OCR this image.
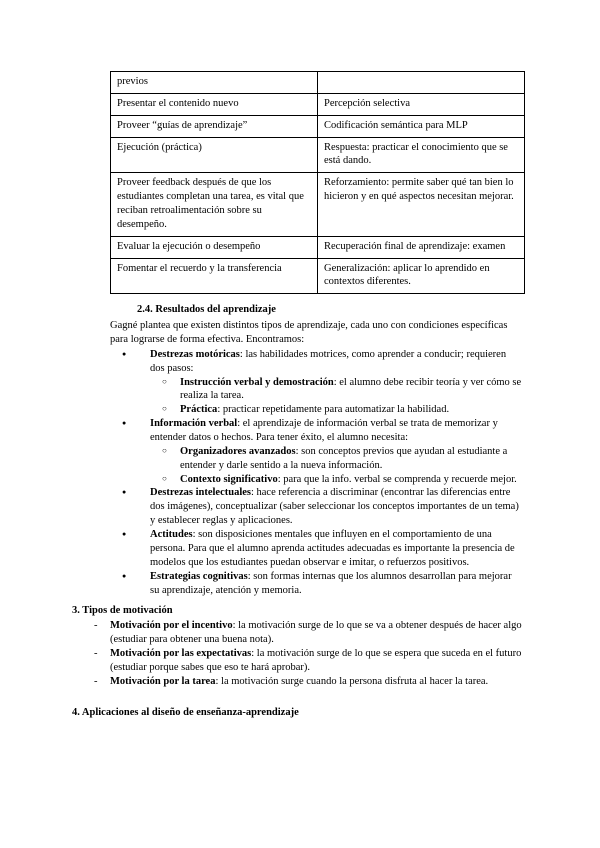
previos	
Presentar el contenido nuevo	Percepción selectiva
Proveer “guías de aprendizaje”	Codificación semántica para MLP
Ejecución (práctica)	Respuesta: practicar el conocimiento que se está dando.
Proveer feedback después de que los estudiantes completan una tarea, es vital que reciban retroalimentación sobre su desempeño.	Reforzamiento: permite saber qué tan bien lo hicieron y en qué aspectos necesitan mejorar.
Evaluar la ejecución o desempeño	Recuperación final de aprendizaje: examen
Fomentar el recuerdo y la transferencia	Generalización: aplicar lo aprendido en contextos diferentes.
2.4. Resultados del aprendizaje

Gagné plantea que existen distintos tipos de aprendizaje, cada uno con condiciones específicas para lograrse de forma efectiva. Encontramos:

● Destrezas motóricas: las habilidades motrices, como aprender a conducir; requieren dos pasos:
○ Instrucción verbal y demostración: el alumno debe recibir teoría y ver cómo se realiza la tarea.
○ Práctica: practicar repetidamente para automatizar la habilidad.
● Información verbal: el aprendizaje de información verbal se trata de memorizar y entender datos o hechos. Para tener éxito, el alumno necesita:
○ Organizadores avanzados: son conceptos previos que ayudan al estudiante a entender y darle sentido a la nueva información.
○ Contexto significativo: para que la info. verbal se comprenda y recuerde mejor.
● Destrezas intelectuales: hace referencia a discriminar (encontrar las diferencias entre dos imágenes), conceptualizar (saber seleccionar los conceptos importantes de un tema) y establecer reglas y aplicaciones.
● Actitudes: son disposiciones mentales que influyen en el comportamiento de una persona. Para que el alumno aprenda actitudes adecuadas es importante la presencia de modelos que los estudiantes puedan observar e imitar, o refuerzos positivos.
● Estrategias cognitivas: son formas internas que los alumnos desarrollan para mejorar su aprendizaje, atención y memoria.
3. Tipos de motivación
- Motivación por el incentivo: la motivación surge de lo que se va a obtener después de hacer algo (estudiar para obtener una buena nota).
- Motivación por las expectativas: la motivación surge de lo que se espera que suceda en el futuro (estudiar porque sabes que eso te hará aprobar).
- Motivación por la tarea: la motivación surge cuando la persona disfruta al hacer la tarea.
4. Aplicaciones al diseño de enseñanza-aprendizaje
